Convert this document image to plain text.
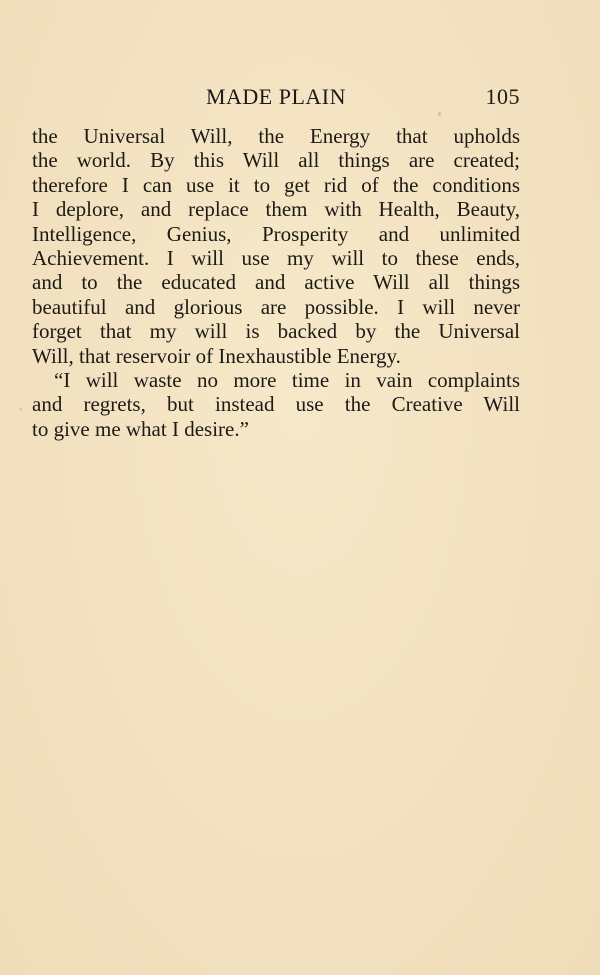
MADE PLAIN	105
the Universal Will, the Energy that upholds
the world. By this Will all things are created;
therefore I can use it to get rid of the conditions
I deplore, and replace them with Health, Beauty,
Intelligence, Genius, Prosperity and unlimited
Achievement. I will use my will to these ends,
and to the educated and active Will all things
beautiful and glorious are possible. I will never
forget that my will is backed by the Universal
Will, that reservoir of Inexhaustible Energy.
“I will waste no more time in vain complaints
and regrets, but instead use the Creative Will
to give me what I desire.”
